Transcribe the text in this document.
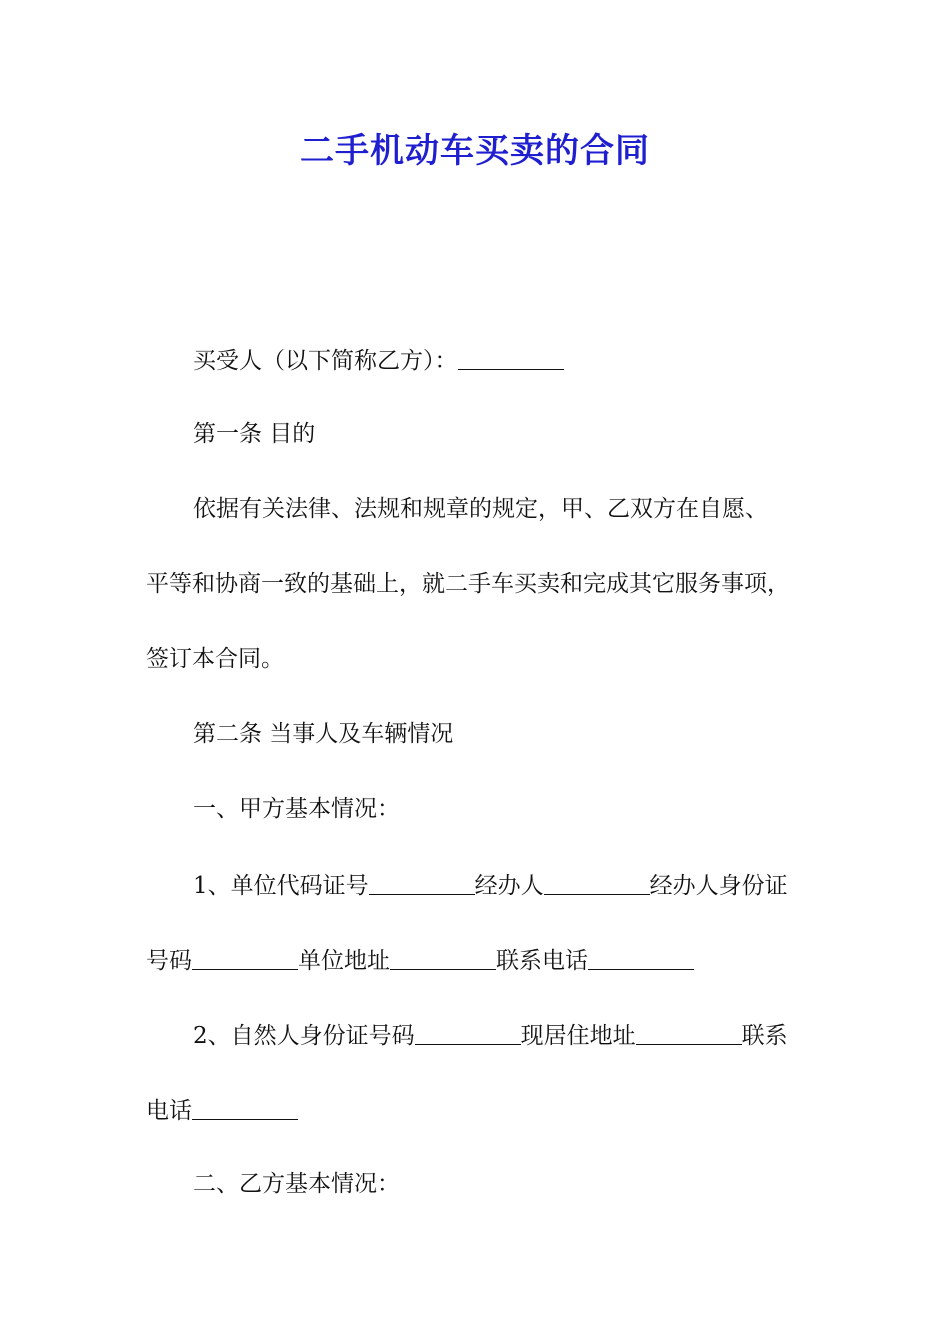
二手机动车买卖的合同
买受人（以下简称乙方）：
第一条 目的
依据有关法律、法规和规章的规定，甲、乙双方在自愿、
平等和协商一致的基础上，就二手车买卖和完成其它服务事项，
签订本合同。
第二条 当事人及车辆情况
一、甲方基本情况：
1、单位代码证号	经办人	经办人身份证
号码	单位地址	联系电话
2、自然人身份证号码	现居住地址	联系
电话
二、乙方基本情况：
